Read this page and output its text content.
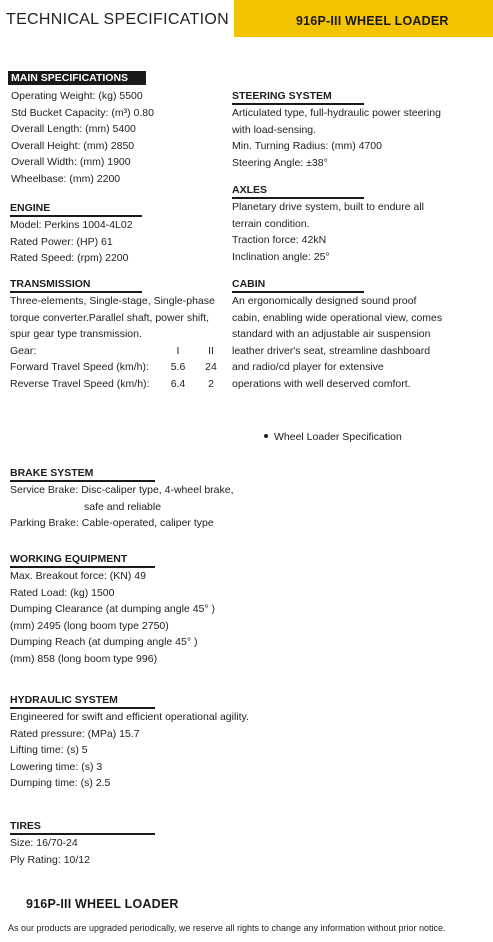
TECHNICAL SPECIFICATION	916P-III WHEEL LOADER
MAIN SPECIFICATIONS
Operating Weight: (kg) 5500
Std Bucket Capacity: (m³) 0.80
Overall Length: (mm) 5400
Overall Height: (mm) 2850
Overall Width: (mm) 1900
Wheelbase: (mm) 2200
ENGINE
Model: Perkins 1004-4L02
Rated Power: (HP) 61
Rated Speed: (rpm) 2200
TRANSMISSION
Three-elements, Single-stage, Single-phase
torque converter.Parallel shaft, power shift,
spur gear type transmission.
Gear:	I	II
Forward Travel Speed (km/h):	5.6	24
Reverse Travel Speed (km/h):	6.4	2
STEERING SYSTEM
Articulated type, full-hydraulic power steering
with load-sensing.
Min. Turning Radius: (mm) 4700
Steering Angle: ±38°
AXLES
Planetary drive system, built to endure all
terrain condition.
Traction force: 42kN
Inclination angle: 25°
CABIN
An ergonomically designed sound proof
cabin, enabling wide operational view, comes
standard with an adjustable air suspension
leather driver's seat, streamline dashboard
and radio/cd player for extensive
operations with well deserved comfort.
Wheel Loader Specification
BRAKE SYSTEM
Service Brake: Disc-caliper type, 4-wheel brake,
safe and reliable
Parking Brake: Cable-operated, caliper type
WORKING EQUIPMENT
Max. Breakout force: (KN) 49
Rated Load: (kg) 1500
Dumping Clearance (at dumping angle 45° )
(mm) 2495 (long boom type 2750)
Dumping Reach (at dumping angle 45° )
(mm) 858 (long boom type 996)
HYDRAULIC SYSTEM
Engineered for swift and efficient operational agility.
Rated pressure: (MPa) 15.7
Lifting time: (s) 5
Lowering time: (s) 3
Dumping time: (s) 2.5
TIRES
Size: 16/70-24
Ply Rating: 10/12
916P-III WHEEL LOADER
As our products are upgraded periodically, we reserve all rights to change any information without prior notice.
